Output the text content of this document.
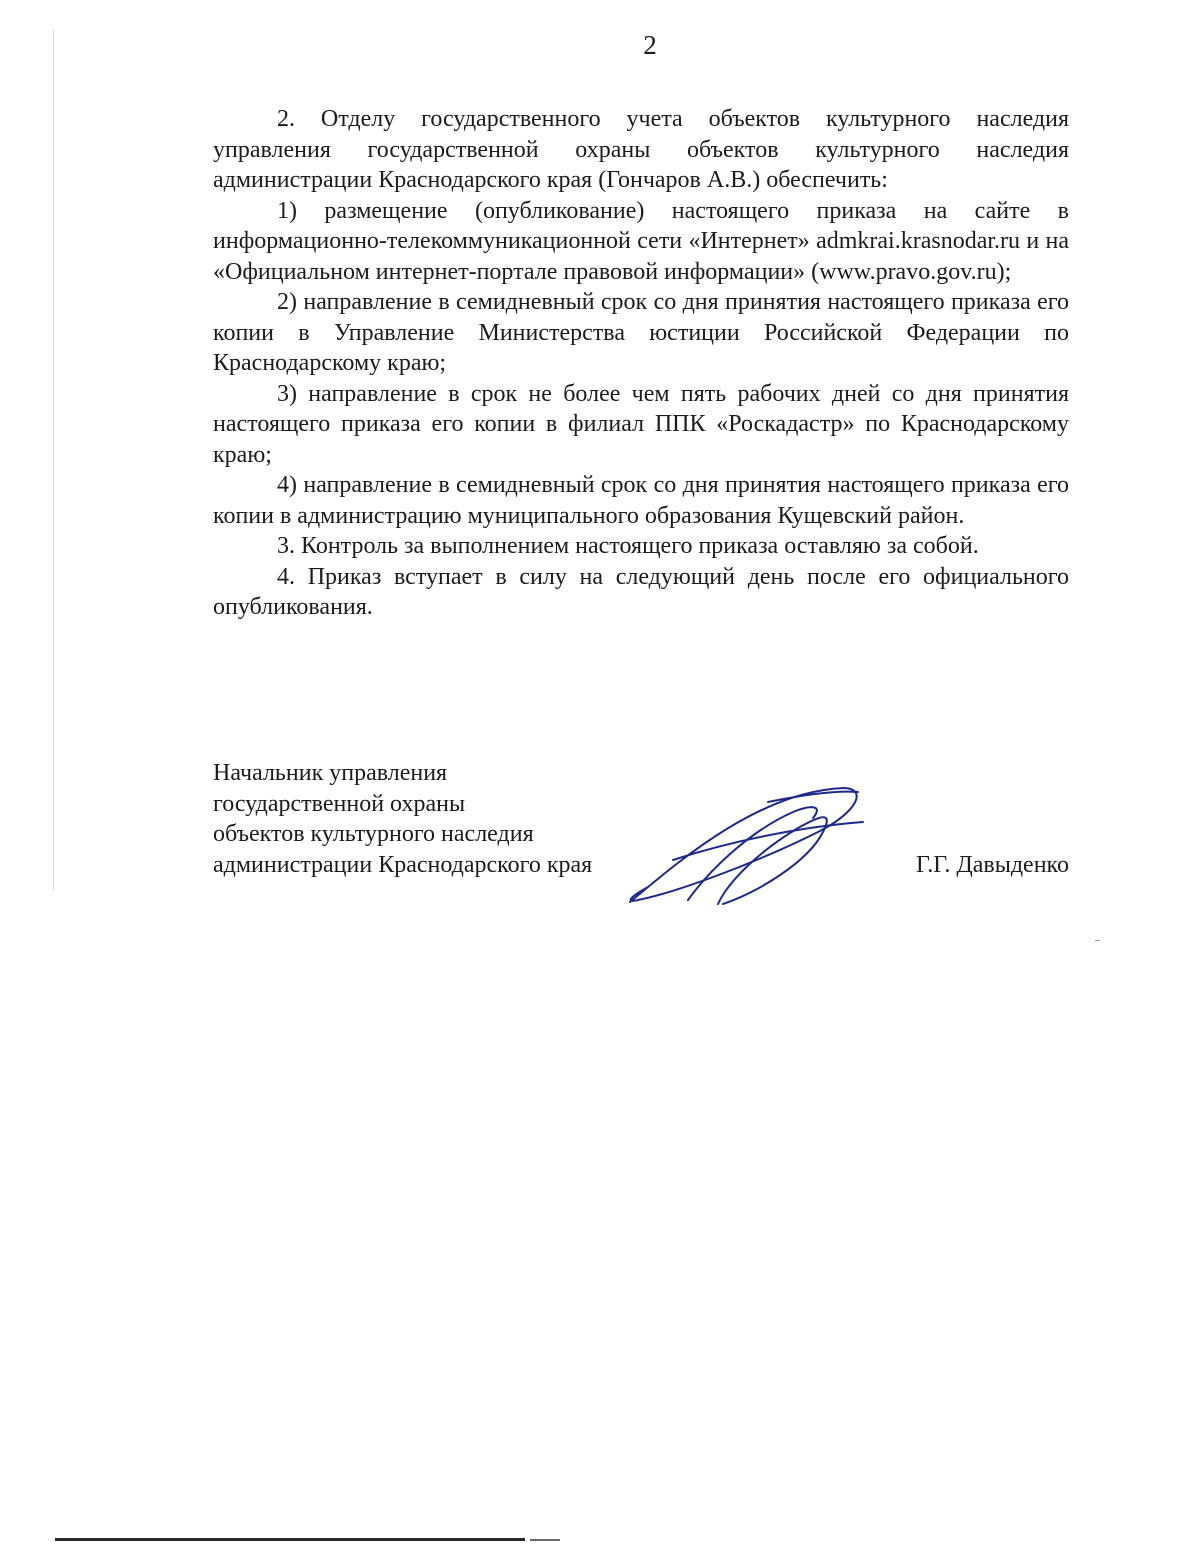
2

2. Отделу государственного учета объектов культурного наследия управления государственной охраны объектов культурного наследия администрации Краснодарского края (Гончаров А.В.) обеспечить:

1) размещение (опубликование) настоящего приказа на сайте в информационно-телекоммуникационной сети «Интернет» admkrai.krasnodar.ru и на «Официальном интернет-портале правовой информации» (www.pravo.gov.ru);

2) направление в семидневный срок со дня принятия настоящего приказа его копии в Управление Министерства юстиции Российской Федерации по Краснодарскому краю;

3) направление в срок не более чем пять рабочих дней со дня принятия настоящего приказа его копии в филиал ППК «Роскадастр» по Краснодарскому краю;

4) направление в семидневный срок со дня принятия настоящего приказа его копии в администрацию муниципального образования Кущевский район.

3. Контроль за выполнением настоящего приказа оставляю за собой.

4. Приказ вступает в силу на следующий день после его официального опубликования.

Начальник управления
государственной охраны
объектов культурного наследия
администрации Краснодарского края	Г.Г. Давыденко
